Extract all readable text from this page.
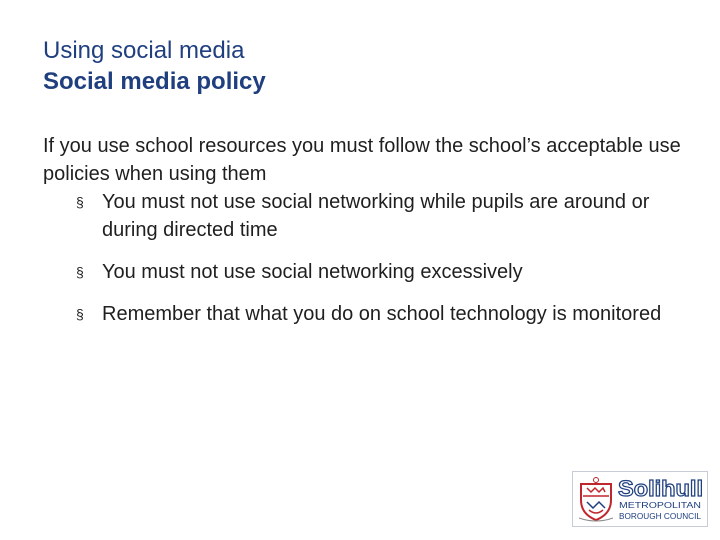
Using social media
Social media policy

If you use school resources you must follow the school’s acceptable use policies when using them

§ You must not use social networking while pupils are around or during directed time
§ You must not use social networking excessively
§ Remember that what you do on school technology is monitored
Solihull
METROPOLITAN
BOROUGH COUNCIL
